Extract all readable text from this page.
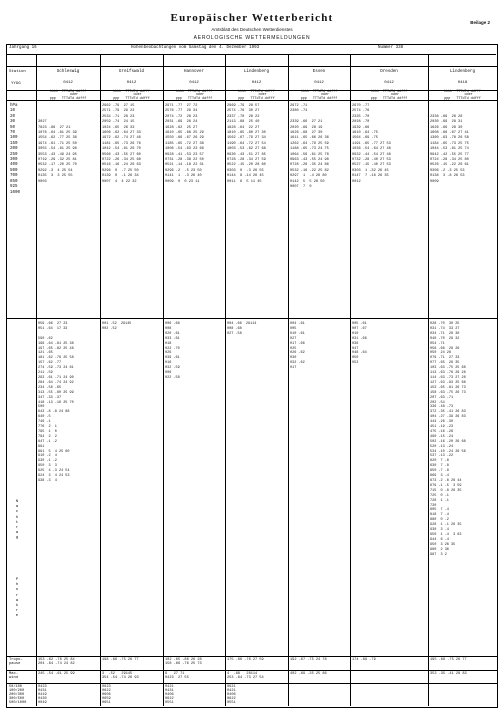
Europäischer Wetterbericht
Amtsblatt des Deutschen Wetterdienstes
AEROLOGISCHE WETTERMELDUNGEN
Beilage 2
Jahrgang 16	Höhenbeobachtungen vom Samstag den 4. Dezember 1993	Nummer 338
Station
YYGG
hPa
10
20
30
50
70
100
150
200
250
300
400
500
700
850
925
1000
N
a
c
h
t
r
a
g
P
h
o
r
a
k
r
e
Tropo-
pause
Max-
wind
50/100
100/200
200/300
300/500
500/1000
Schleswig
0412
hhhh  TTTdTd ddfff
oder
ppp   TTTdTd ddfff

3027
7823 -66  27 21
1076 -64 -81 25 39
1554 -62 -77 25 36
1974 -61 -71 25 50
3055 -54 -61 25 98
3553 -43 -49 24 95
0719 -29 -32 25 81
0532 -17 -20 25 70
0292 -3  4 25 54
0135  3  3 25 55
0003
059 -66  27 23
051 -64  17 33

590 -62
196 -64 -81 25 38
197 -65 -82 25 48
121 -65
181 -62 -76 25 58
157 -62 -77
274 -59 -73 24 61
211 -59
293 -61 -71 24 90
284 -64 -74 24 92
234 -58 -65
313 -55 -60 25 99
347 -33 -37
418 -13 -16 25 70
500
643 -8 -8 24 88
640 -5
746 -1
776  2  1
795  1  0
794  2  2
847 -1 -2
891
891  5  4 25 60
910 -2  4
930 -1 -2
950  3  3
925  4 -3 24 54
924  3  4 24 53
938 -3  4
153 -62 -76 25 84
204 -64 -74 24 82
245 -54 -61 25 99
0423
0431
0419
0430
0049
Greifswald
0412
hhhh  TTTdTd ddfff
oder
ppp   TTTdTd ddfff
2962 -79  27 15
2571 -79  29 22
2534 -71  28 23
2059 -74  24 15
1024 -65  26 33
1606 -62 -64 27 33
1972 -62 -74 27 46
1181 -65 -73 26 76
1042 -54 -61 26 70
0566 -43 -55 27 60
0722 -26 -34 25 68
0516 -16 -24 26 63
0296  0  -7 25 50
0139  0  -1 26 34
0007  4  4 22 32
001 -52  29145
002 -52

198 -66 -75 26 77
3  -52   29145
354 -54 -74 26 93
0623
0622
0606
0659
0651
Hannover
0412
hhhh  TTTdTd ddfff
oder
ppp   TTTdTd ddfff
2971 -77  27 72
2576 -77  29 34
2074 -72  28 23
2031 -69  26 24
1628 -62  25 27
1610 -65 -68 25 29
1550 -66 -67 26 29
1185 -65 -72 27 38
1006 -54 -63 23 66
0928 -41 -53 23 57
0731 -28 -38 22 50
0521 -14 -18 22 31
0296 -2  -5 23 50
0141  1  -3 26 40
0009  0  0 23 11
006 -68
008
020 -61
033 -61
018
022 -70
026
039 -61
016
032 -59
006
022 -58

102 -65 -86 26 28
158 -66 -76 25 73
9   27 71
0423  27 55
0421
0431
0406
0622
0551
Lindenberg
0412
hhhh  TTTdTd ddfff
oder
ppp   TTTdTd ddfff
2969 -79  28 57
2574 -76  30 27
2337 -70  28 22
2113 -68  25 40
1828 -64  22 27
1810 -65 -80 27 30
1562 -67 -79 27 34
1190 -64 -72 27 54
1003 -53 -62 27 68
0930 -43 -51 27 85
0728 -28 -34 27 59
0522 -15 -20 28 60
0303  0  -3 26 55
0144  8 -14 26 45
0011  6  5 11 45
004 -66  29114
008 -68
027 -58

175 -66 -78 27 59
4  -88   28114
253 -64 -73 27 54
0621
0421
0406
0622
0551
Essen
0412
hhhh  TTTdTd ddfff
oder
ppp   TTTdTd ddfff
2972 -71
2380 -74

2339 -66  27 21
2020 -69  28 19
1626 -68  27 30
1611 -65 -66 26 36
1262 -64 -79 25 59
1188 -65 -73 24 75
1064 -56 -61 25 78
0963 -43 -55 24 98
0728 -26 -35 24 86
0532 -16 -22 25 82
0297  1  -4 26 80
0142  5  5 26 50
0007  7  0
004 -61
005
010 -61
027
017 -66
025
026 -62
030
032 -62
017

192 -67 -75 24 78
402 -69 -35 25 86
Dresden
0412
hhhh  TTTdTd ddfff
oder
ppp   TTTdTd ddfff
2970 -77
2574 -76
2335 -70
2028 -70
1939 -66
1610 -64 -75
1564 -69 -75
1191 -65 -77 27 53
1036 -54 -64 27 48
0932 -44 -54 27 48
0732 -28 -40 27 53
0527 -15 -40 27 53
0303  1 -32 26 45
0147  7 -16 26 35
0012
005 -61
007 -67
010
031 -66
036
047
048 -64
050
053

174 -69 -79
Lindenberg
0418
hhhh  TTTdTd ddfff
oder
ppp   TTTdTd ddfff

2336 -69  28 28
2030 -69  28 31
1626 -66  28 30
1608 -66 -67 27 41
1360 -63 -78 26 58
1184 -65 -73 25 75
1044 -53 -61 25 74
0942 -42 -55 25 77
0724 -28 -34 25 80
0526 -15 -22 26 61
0306 -2 -3 25 53
0138  3 -8 26 53
0009
028 -70  30 25
031 -74  33 27
034 -71  28 30
040 -70  29 32
054 -71
058 -66  28 26
050  24 28
079 -71  27 33
077 -65  28 35
103 -63 -75 25 68
113 -63 -76 26 28
114 -63 -73 27 28
127 -63 -83 25 68
153 -65 -81 26 73
158 -63 -75 26 73
207 -63 -71
202 -54
336 -48 -73
372 -35 -41 26 83
404 -27 -39 26 83
444 -26 -30
451 -19 -23
475 -16 -26
490 -15 -24
502 -16 -20 26 68
520 -13 -24
534 -10 -24 26 56
537 -13 -22
620  7 -8
630  7 -8
650 -7 -8
669  3 -4
673 -2 -8 26 44
679 -1 -5  3 59
715  0 -8 26 35
725  0 -1
728  1 -1
730
805  7 -4
818  7 -4
880  0 -2
928  1 -1 26 35
930  3 -4
950  1 -4  3 63
944  6 -4
950  3 26 35
960  2 36
987  3 2
195 -68 -75 26 77
353 -35 -41 28 83
